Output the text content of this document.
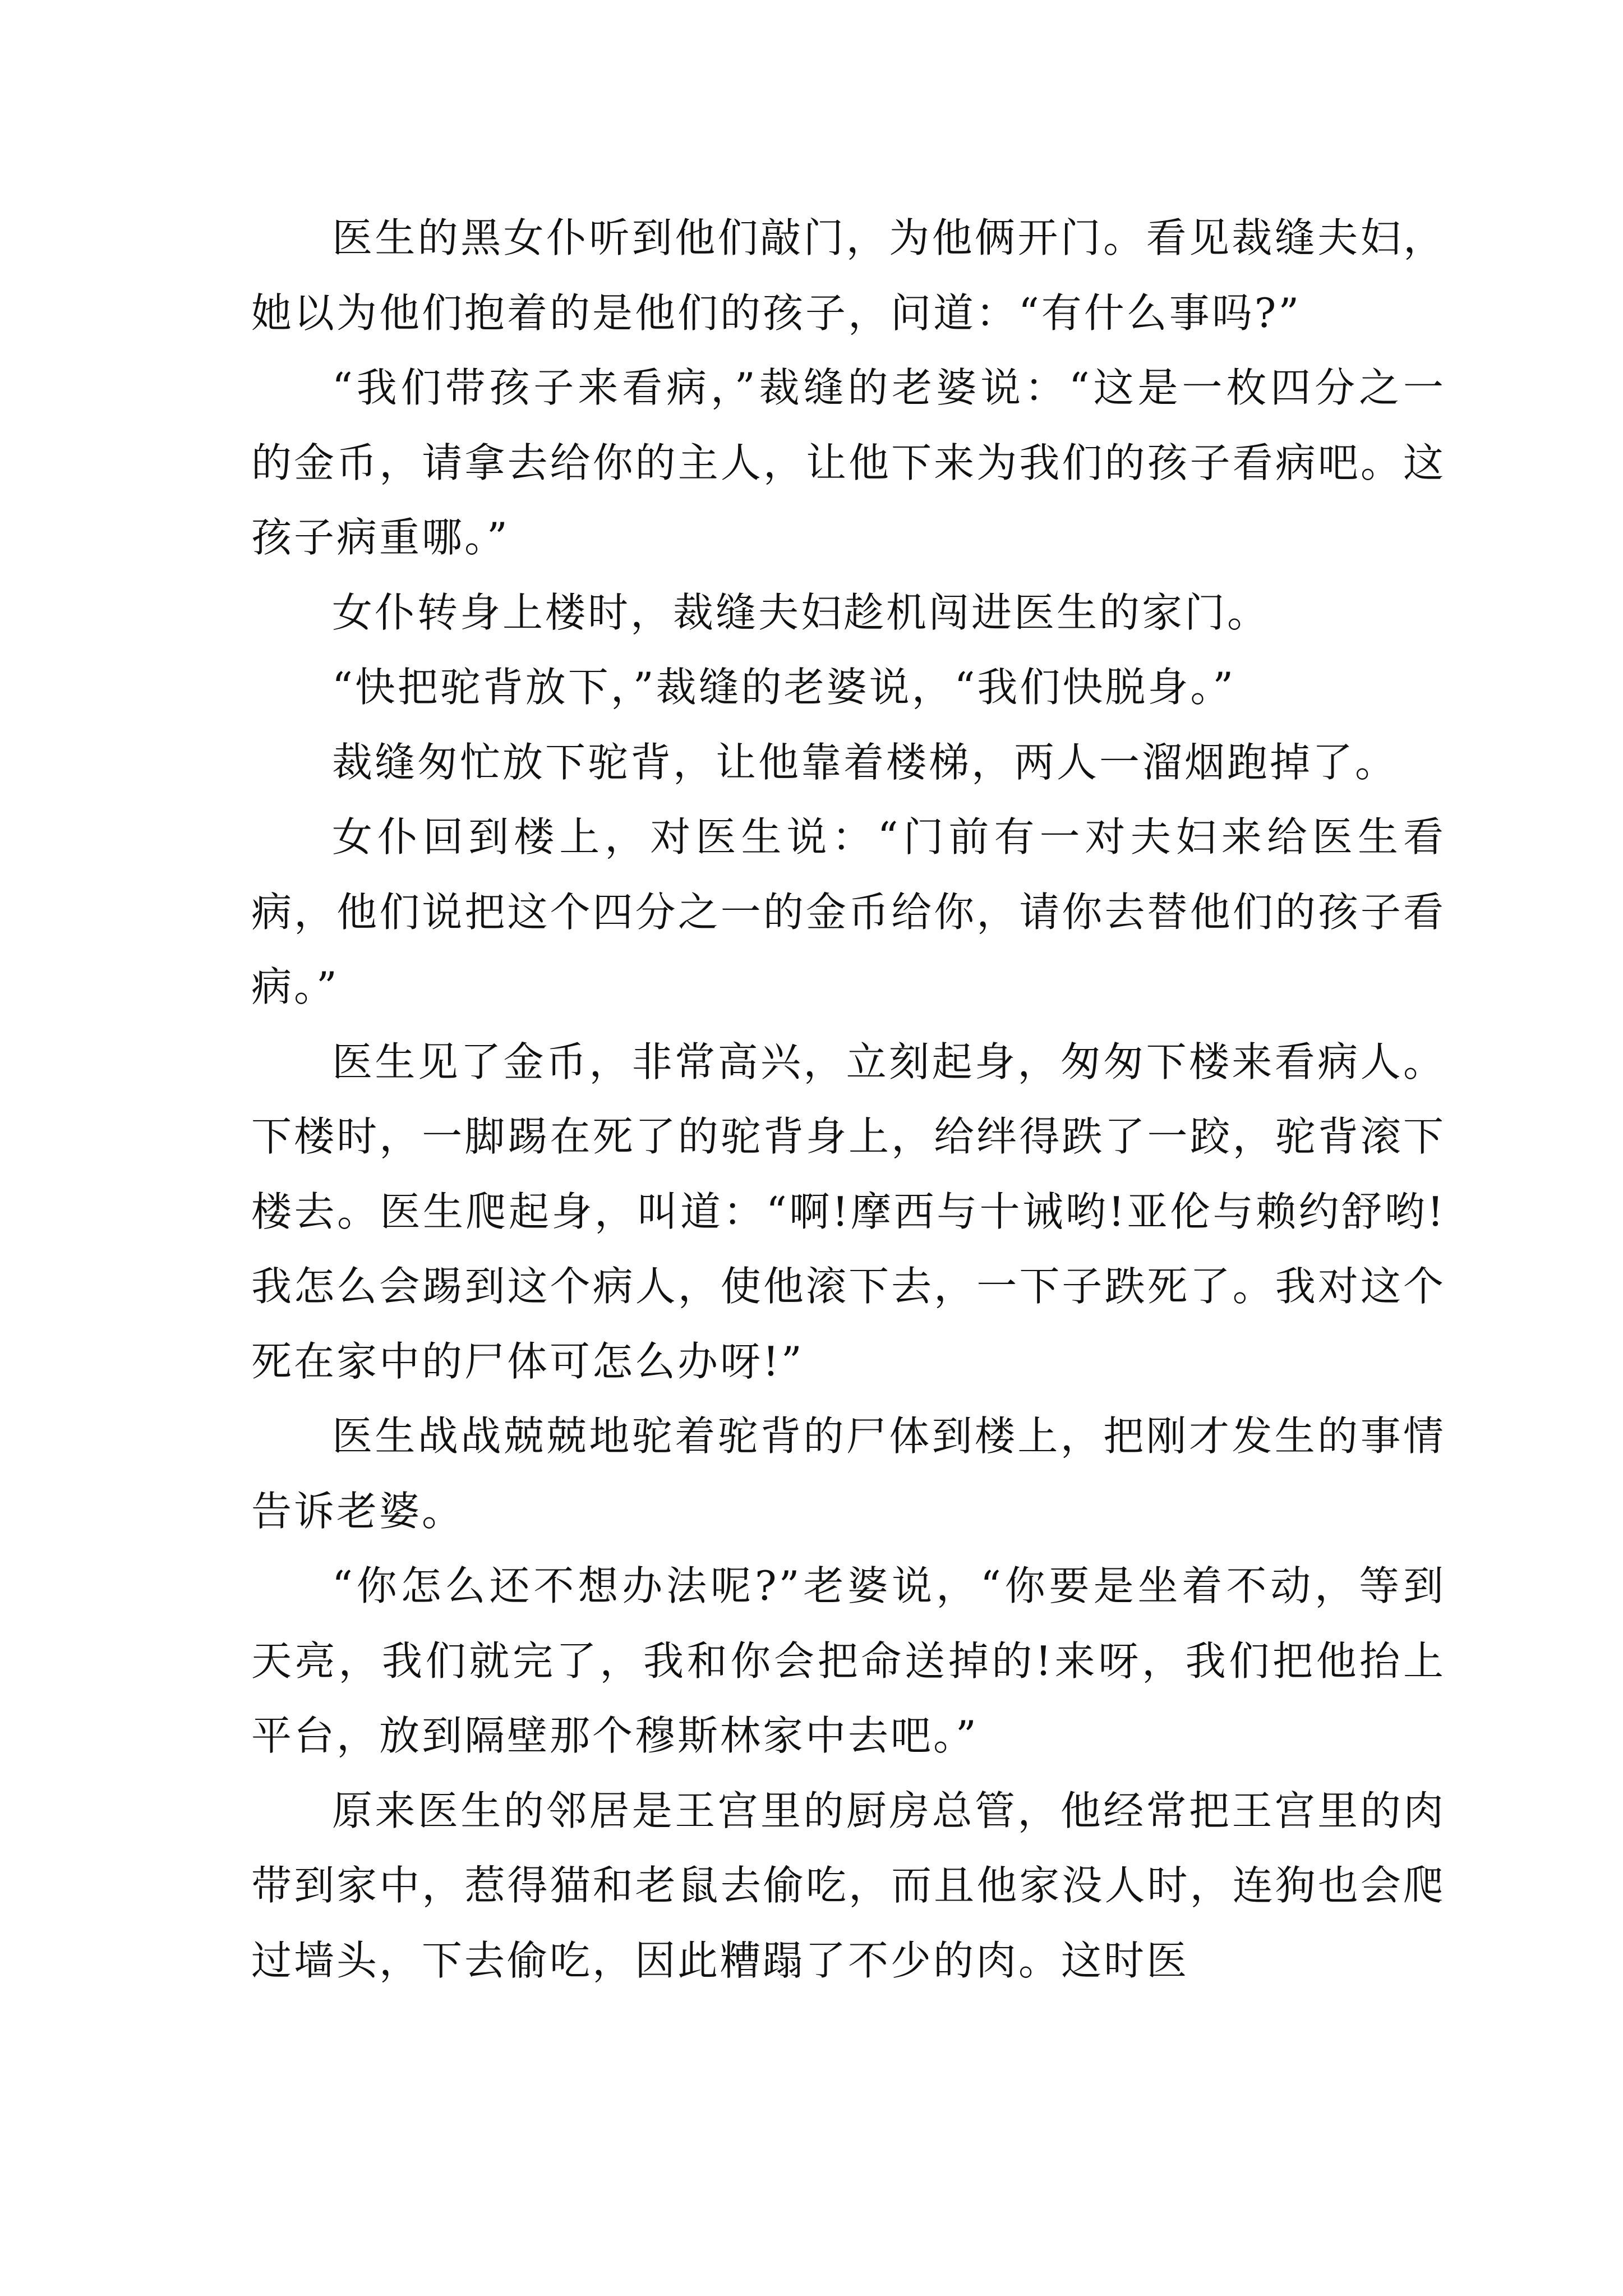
医生的黑女仆听到他们敲门，为他俩开门。看见裁缝夫妇，她以为他们抱着的是他们的孩子，问道：“有什么事吗?”

“我们带孩子来看病，”裁缝的老婆说：“这是一枚四分之一的金币，请拿去给你的主人，让他下来为我们的孩子看病吧。这孩子病重哪。”

女仆转身上楼时，裁缝夫妇趁机闯进医生的家门。

“快把驼背放下，”裁缝的老婆说，“我们快脱身。”

裁缝匆忙放下驼背，让他靠着楼梯，两人一溜烟跑掉了。

女仆回到楼上，对医生说：“门前有一对夫妇来给医生看病，他们说把这个四分之一的金币给你，请你去替他们的孩子看病。”

医生见了金币，非常高兴，立刻起身，匆匆下楼来看病人。下楼时，一脚踢在死了的驼背身上，给绊得跌了一跤，驼背滚下楼去。医生爬起身，叫道：“啊!摩西与十诫哟!亚伦与赖约舒哟!我怎么会踢到这个病人，使他滚下去，一下子跌死了。我对这个死在家中的尸体可怎么办呀!”

医生战战兢兢地驼着驼背的尸体到楼上，把刚才发生的事情告诉老婆。

“你怎么还不想办法呢?”老婆说，“你要是坐着不动，等到天亮，我们就完了，我和你会把命送掉的!来呀，我们把他抬上平台，放到隔壁那个穆斯林家中去吧。”

原来医生的邻居是王宫里的厨房总管，他经常把王宫里的肉带到家中，惹得猫和老鼠去偷吃，而且他家没人时，连狗也会爬过墙头，下去偷吃，因此糟蹋了不少的肉。这时医
